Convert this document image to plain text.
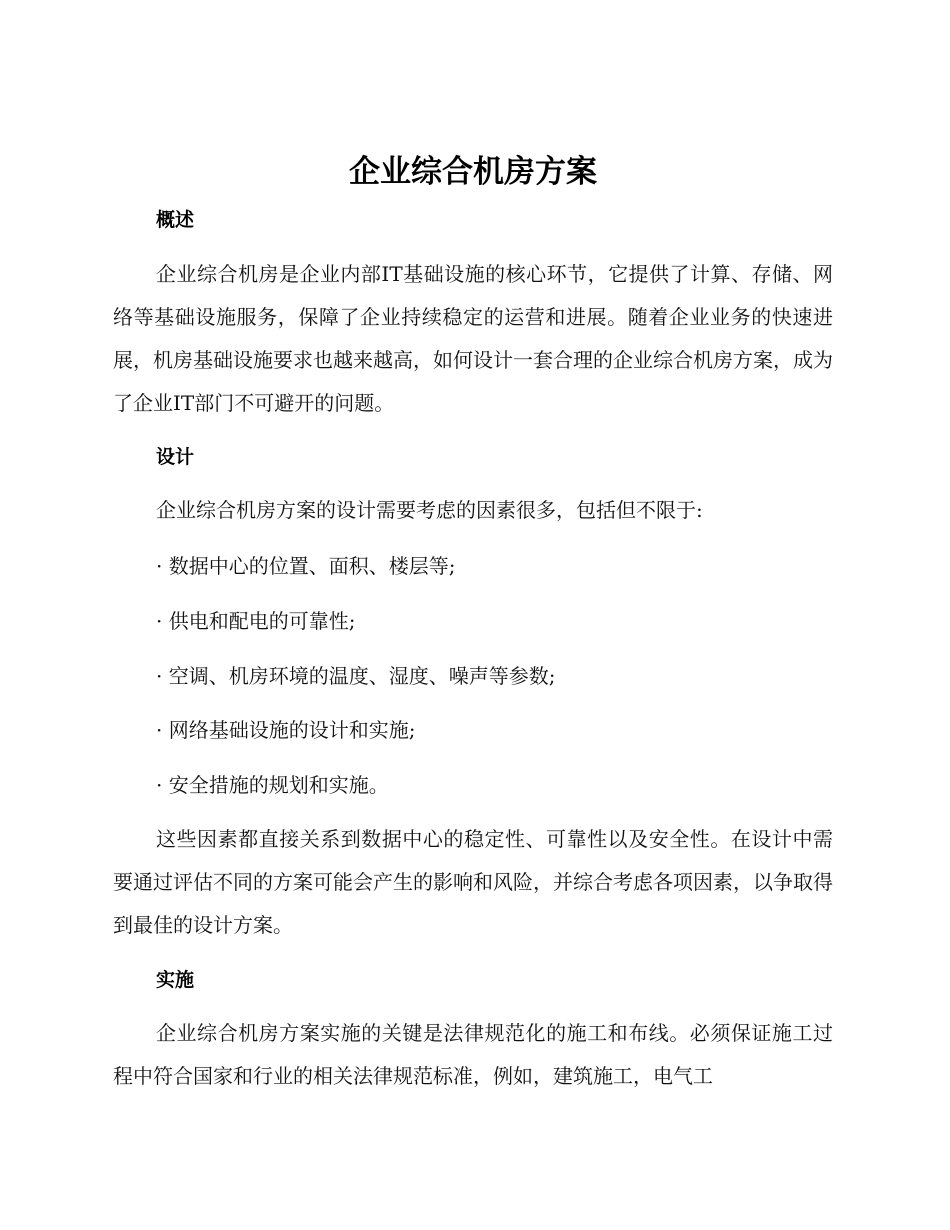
企业综合机房方案
概述

企业综合机房是企业内部IT基础设施的核心环节，它提供了计算、存储、网络等基础设施服务，保障了企业持续稳定的运营和进展。随着企业业务的快速进展，机房基础设施要求也越来越高，如何设计一套合理的企业综合机房方案，成为了企业IT部门不可避开的问题。

设计

企业综合机房方案的设计需要考虑的因素很多，包括但不限于:

· 数据中心的位置、面积、楼层等;

· 供电和配电的可靠性;

· 空调、机房环境的温度、湿度、噪声等参数;

· 网络基础设施的设计和实施;

· 安全措施的规划和实施。

这些因素都直接关系到数据中心的稳定性、可靠性以及安全性。在设计中需要通过评估不同的方案可能会产生的影响和风险，并综合考虑各项因素，以争取得到最佳的设计方案。

实施

企业综合机房方案实施的关键是法律规范化的施工和布线。必须保证施工过程中符合国家和行业的相关法律规范标准，例如，建筑施工，电气工
